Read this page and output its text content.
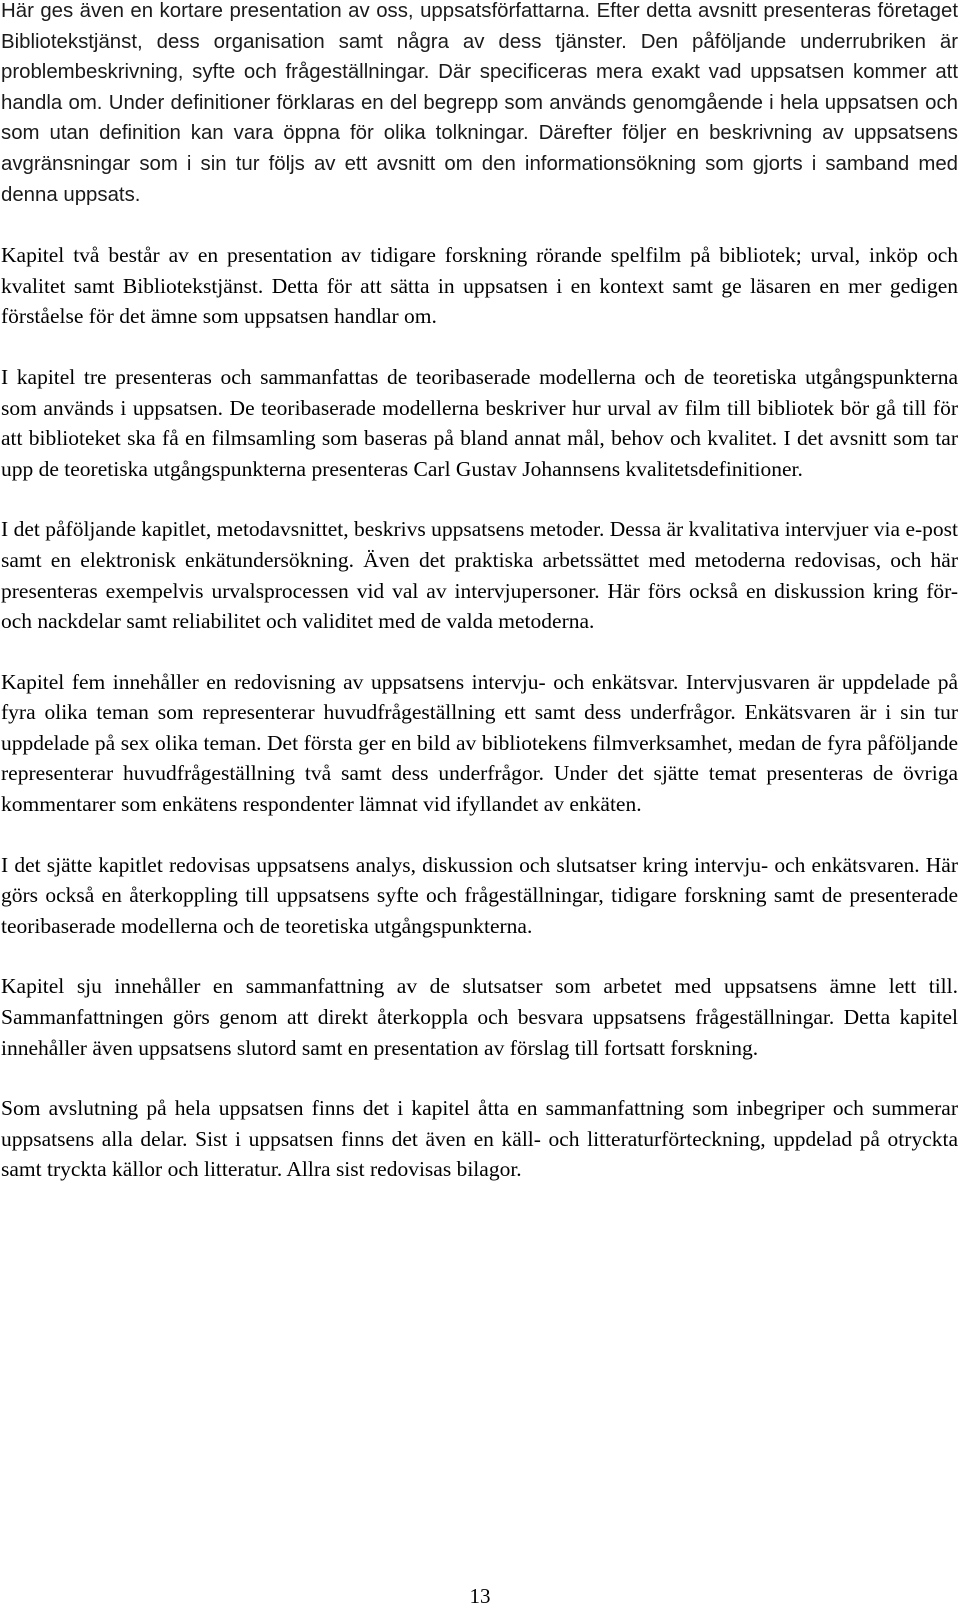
Här ges även en kortare presentation av oss, uppsatsförfattarna. Efter detta avsnitt presenteras företaget Bibliotekstjänst, dess organisation samt några av dess tjänster. Den påföljande underrubriken är problembeskrivning, syfte och frågeställningar. Där specificeras mera exakt vad uppsatsen kommer att handla om. Under definitioner förklaras en del begrepp som används genomgående i hela uppsatsen och som utan definition kan vara öppna för olika tolkningar. Därefter följer en beskrivning av uppsatsens avgränsningar som i sin tur följs av ett avsnitt om den informationsökning som gjorts i samband med denna uppsats.

Kapitel två består av en presentation av tidigare forskning rörande spelfilm på bibliotek; urval, inköp och kvalitet samt Bibliotekstjänst. Detta för att sätta in uppsatsen i en kontext samt ge läsaren en mer gedigen förståelse för det ämne som uppsatsen handlar om.

I kapitel tre presenteras och sammanfattas de teoribaserade modellerna och de teoretiska utgångspunkterna som används i uppsatsen. De teoribaserade modellerna beskriver hur urval av film till bibliotek bör gå till för att biblioteket ska få en filmsamling som baseras på bland annat mål, behov och kvalitet. I det avsnitt som tar upp de teoretiska utgångspunkterna presenteras Carl Gustav Johannsens kvalitetsdefinitioner.

I det påföljande kapitlet, metodavsnittet, beskrivs uppsatsens metoder. Dessa är kvalitativa intervjuer via e-post samt en elektronisk enkätundersökning. Även det praktiska arbetssättet med metoderna redovisas, och här presenteras exempelvis urvalsprocessen vid val av intervjupersoner. Här förs också en diskussion kring för- och nackdelar samt reliabilitet och validitet med de valda metoderna.

Kapitel fem innehåller en redovisning av uppsatsens intervju- och enkätsvar. Intervjusvaren är uppdelade på fyra olika teman som representerar huvudfrågeställning ett samt dess underfrågor. Enkätsvaren är i sin tur uppdelade på sex olika teman. Det första ger en bild av bibliotekens filmverksamhet, medan de fyra påföljande representerar huvudfrågeställning två samt dess underfrågor. Under det sjätte temat presenteras de övriga kommentarer som enkätens respondenter lämnat vid ifyllandet av enkäten.

I det sjätte kapitlet redovisas uppsatsens analys, diskussion och slutsatser kring intervju- och enkätsvaren. Här görs också en återkoppling till uppsatsens syfte och frågeställningar, tidigare forskning samt de presenterade teoribaserade modellerna och de teoretiska utgångspunkterna.

Kapitel sju innehåller en sammanfattning av de slutsatser som arbetet med uppsatsens ämne lett till. Sammanfattningen görs genom att direkt återkoppla och besvara uppsatsens frågeställningar. Detta kapitel innehåller även uppsatsens slutord samt en presentation av förslag till fortsatt forskning.

Som avslutning på hela uppsatsen finns det i kapitel åtta en sammanfattning som inbegriper och summerar uppsatsens alla delar. Sist i uppsatsen finns det även en käll- och litteraturförteckning, uppdelad på otryckta samt tryckta källor och litteratur. Allra sist redovisas bilagor.

13
